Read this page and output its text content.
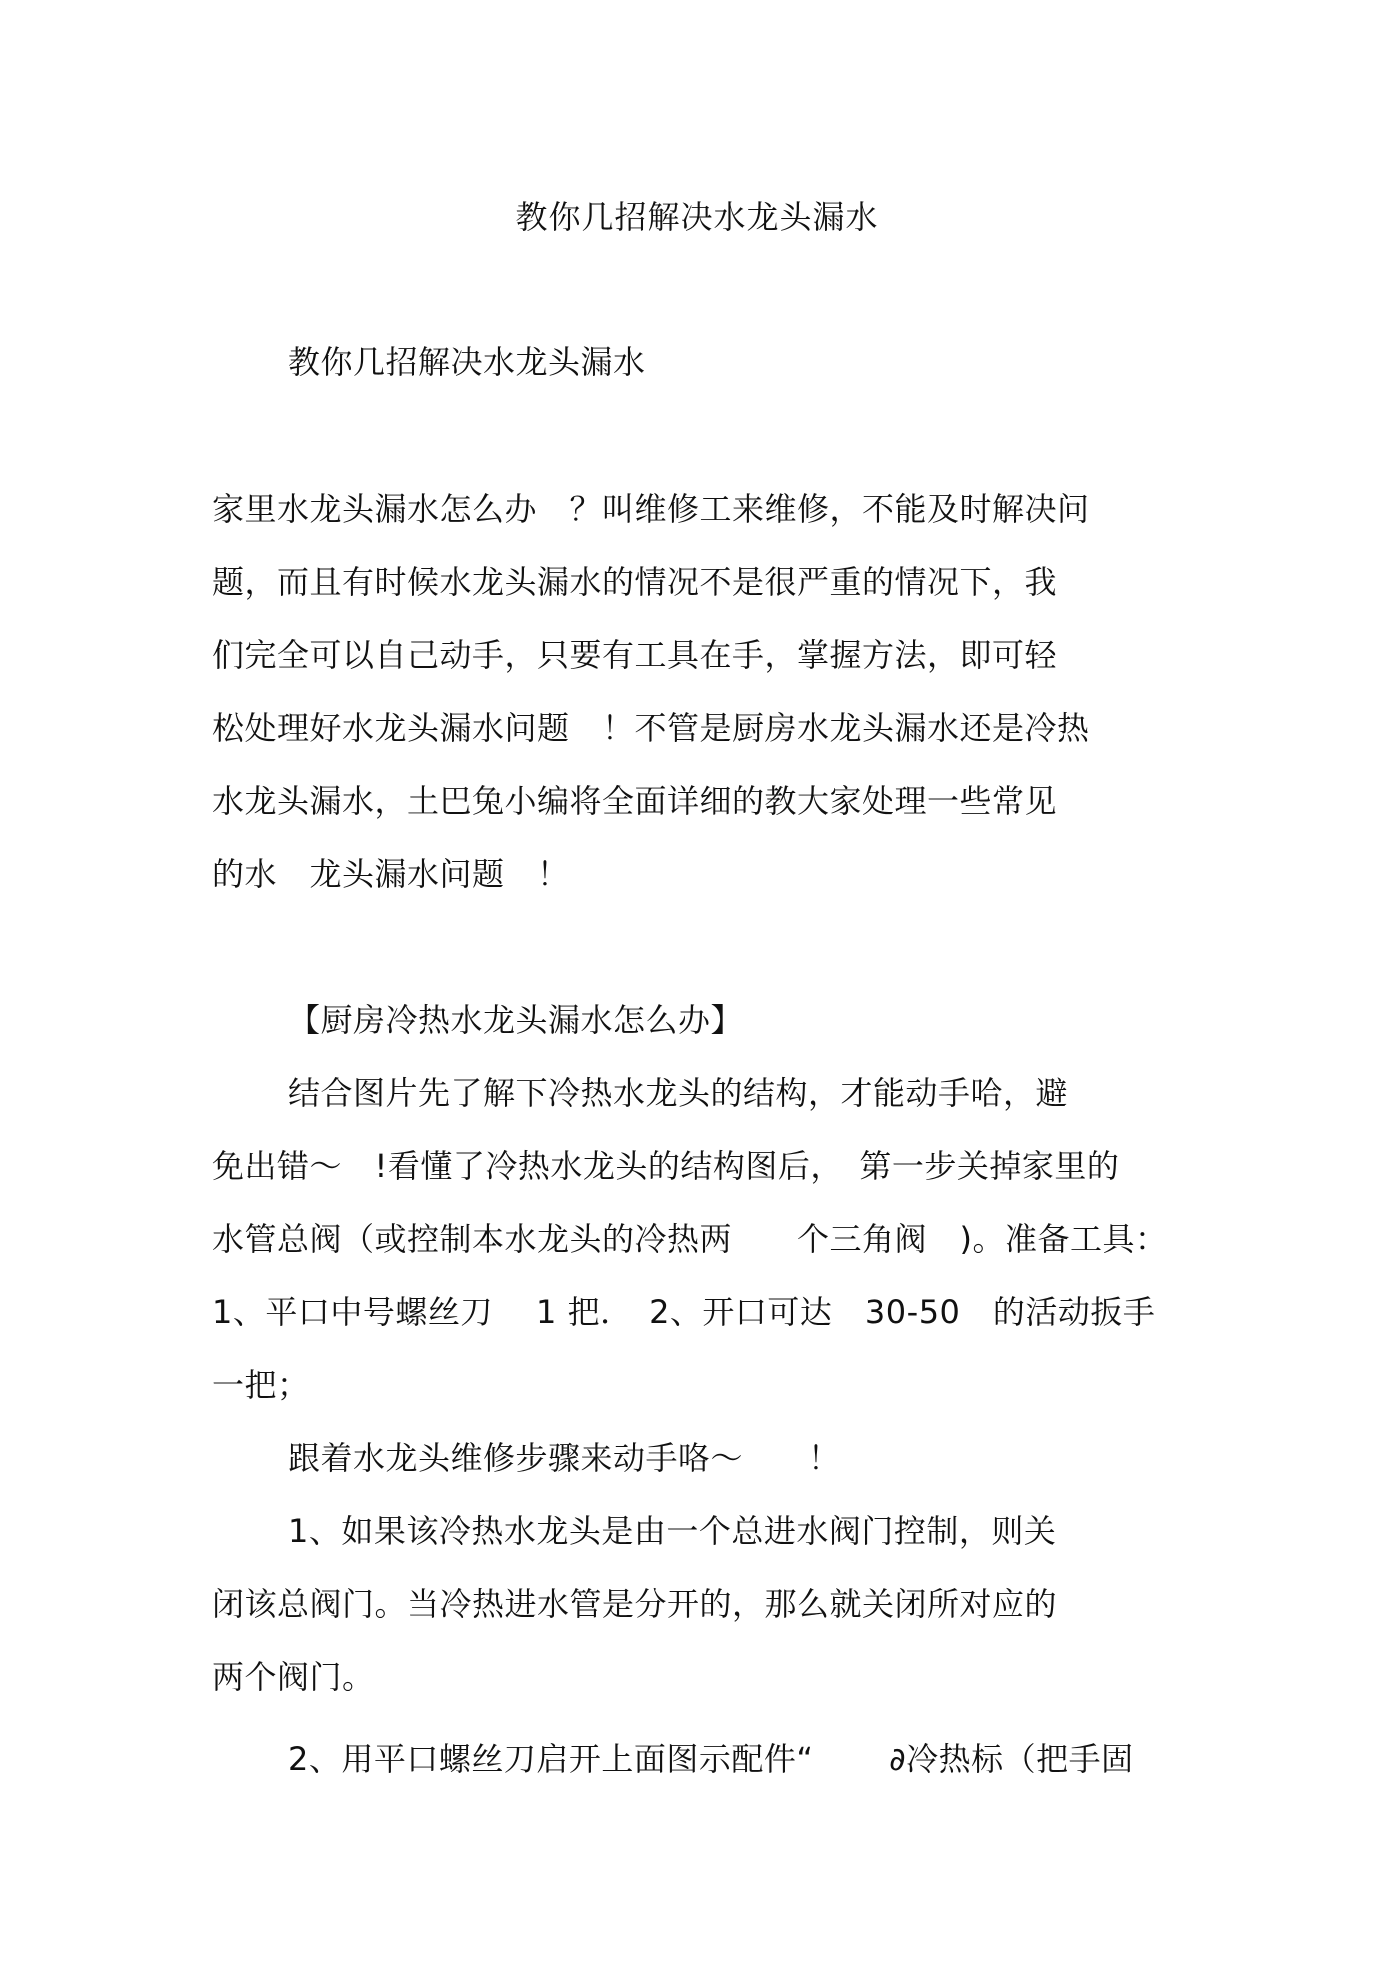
教你几招解决水龙头漏水
教你几招解决水龙头漏水
家里水龙头漏水怎么办　？叫维修工来维修，不能及时解决问
题，而且有时候水龙头漏水的情况不是很严重的情况下，我
们完全可以自己动手，只要有工具在手，掌握方法，即可轻
松处理好水龙头漏水问题　！不管是厨房水龙头漏水还是冷热
水龙头漏水，土巴兔小编将全面详细的教大家处理一些常见
的水　龙头漏水问题　！
【厨房冷热水龙头漏水怎么办】
结合图片先了解下冷热水龙头的结构，才能动手哈，避
免出错～　!看懂了冷热水龙头的结构图后，　第一步关掉家里的
水管总阀（或控制本水龙头的冷热两　　个三角阀　)。准备工具：
1、平口中号螺丝刀　 1 把．　2、开口可达　30-50　的活动扳手
一把；
跟着水龙头维修步骤来动手咯～　　！
1、如果该冷热水龙头是由一个总进水阀门控制，则关
闭该总阀门。当冷热进水管是分开的，那么就关闭所对应的
两个阀门。
2、用平口螺丝刀启开上面图示配件“　　 ∂冷热标（把手固
